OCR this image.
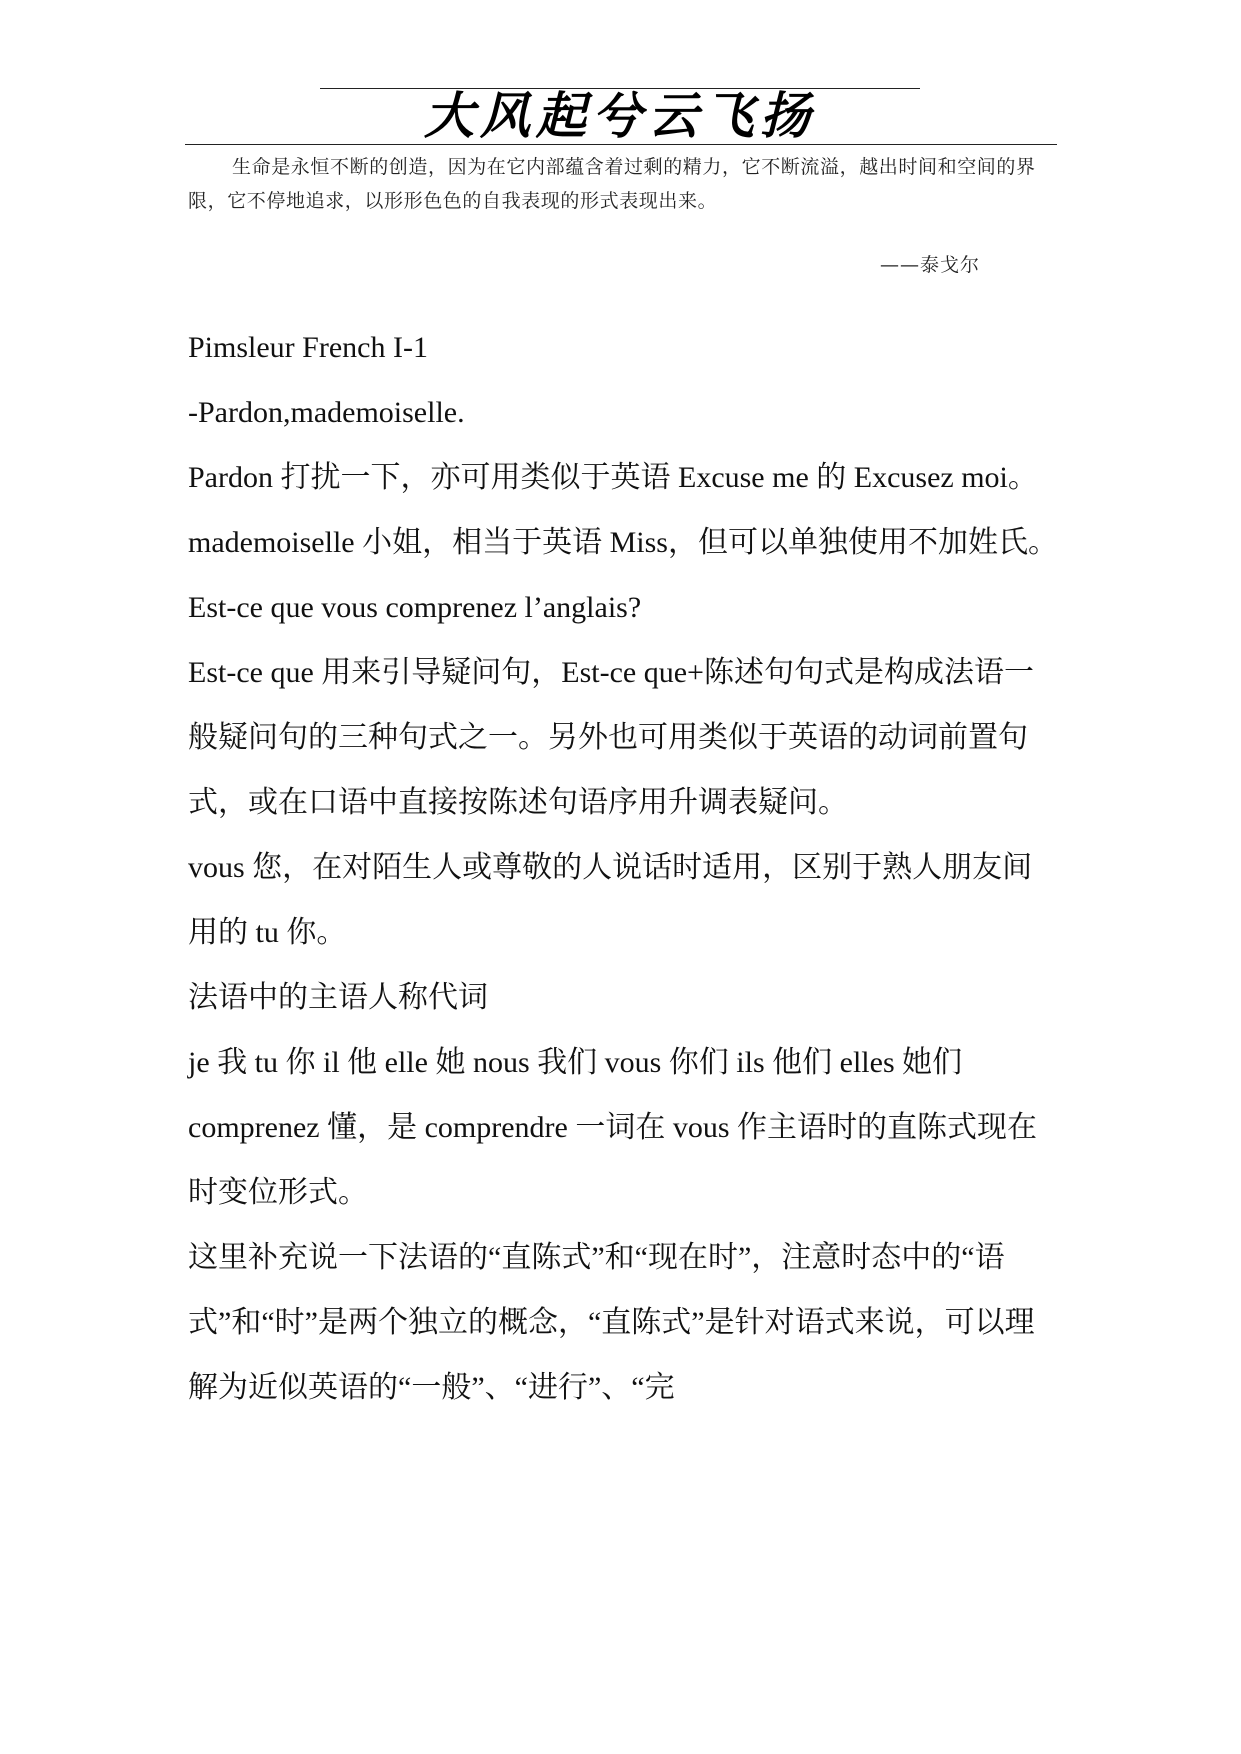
大风起兮云飞扬

生命是永恒不断的创造，因为在它内部蕴含着过剩的精力，它不断流溢，越出时间和空间的界限，它不停地追求，以形形色色的自我表现的形式表现出来。

——泰戈尔

Pimsleur French I-1

-Pardon,mademoiselle.

Pardon 打扰一下，亦可用类似于英语 Excuse me 的 Excusez moi。

mademoiselle 小姐，相当于英语 Miss，但可以单独使用不加姓氏。

Est-ce que vous comprenez l’anglais?

Est-ce que 用来引导疑问句，Est-ce que+陈述句句式是构成法语一般疑问句的三种句式之一。另外也可用类似于英语的动词前置句式，或在口语中直接按陈述句语序用升调表疑问。

vous 您，在对陌生人或尊敬的人说话时适用，区别于熟人朋友间用的 tu 你。

法语中的主语人称代词

je 我 tu 你 il 他 elle 她 nous 我们 vous 你们 ils 他们 elles 她们

comprenez 懂，是 comprendre 一词在 vous 作主语时的直陈式现在时变位形式。

这里补充说一下法语的“直陈式”和“现在时”，注意时态中的“语式”和“时”是两个独立的概念，“直陈式”是针对语式来说，可以理解为近似英语的“一般”、“进行”、“完
